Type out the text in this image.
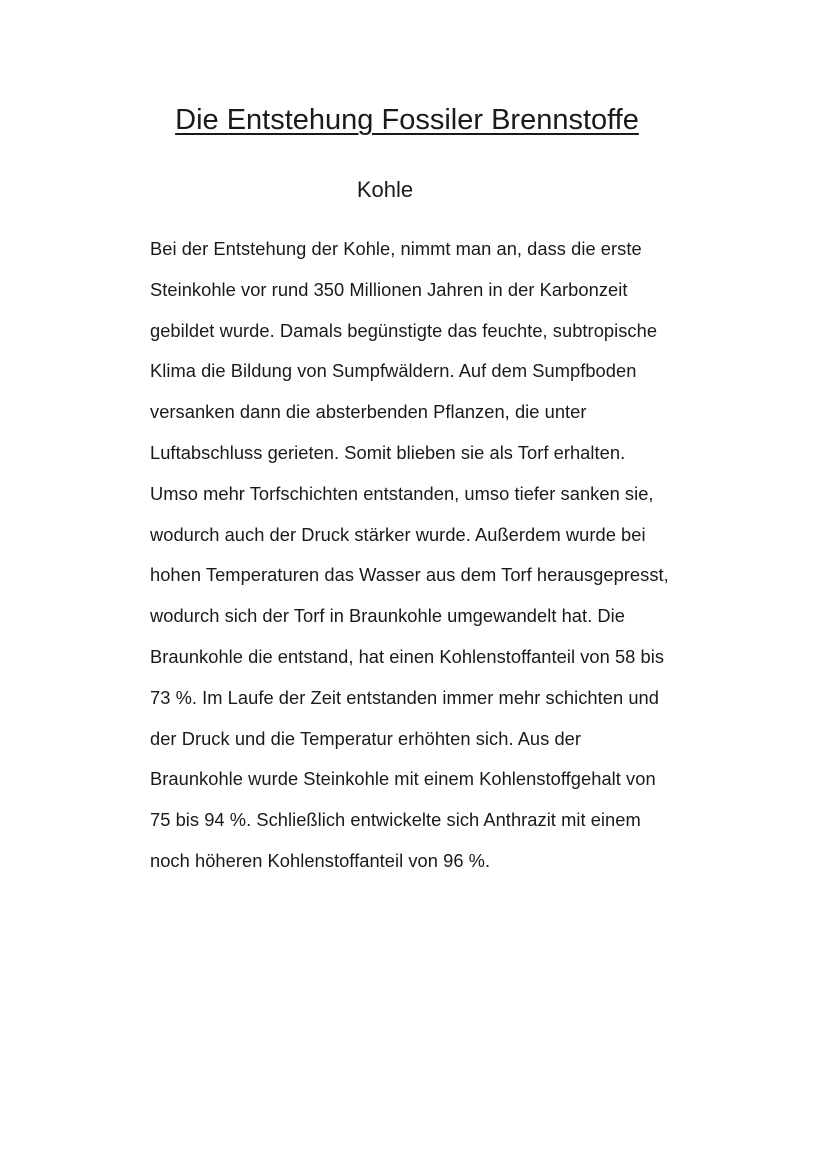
Die Entstehung Fossiler Brennstoffe
Kohle
Bei der Entstehung der Kohle, nimmt man an, dass die erste
Steinkohle vor rund 350 Millionen Jahren in der Karbonzeit
gebildet wurde. Damals begünstigte das feuchte, subtropische
Klima die Bildung von Sumpfwäldern. Auf dem Sumpfboden
versanken dann die absterbenden Pflanzen, die unter
Luftabschluss gerieten. Somit blieben sie als Torf erhalten.
Umso mehr Torfschichten entstanden, umso tiefer sanken sie,
wodurch auch der Druck stärker wurde. Außerdem wurde bei
hohen Temperaturen das Wasser aus dem Torf herausgepresst,
wodurch sich der Torf in Braunkohle umgewandelt hat. Die
Braunkohle die entstand, hat einen Kohlenstoffanteil von 58 bis
73 %. Im Laufe der Zeit entstanden immer mehr schichten und
der Druck und die Temperatur erhöhten sich. Aus der
Braunkohle wurde Steinkohle mit einem Kohlenstoffgehalt von
75 bis 94 %. Schließlich entwickelte sich Anthrazit mit einem
noch höheren Kohlenstoffanteil von 96 %.
